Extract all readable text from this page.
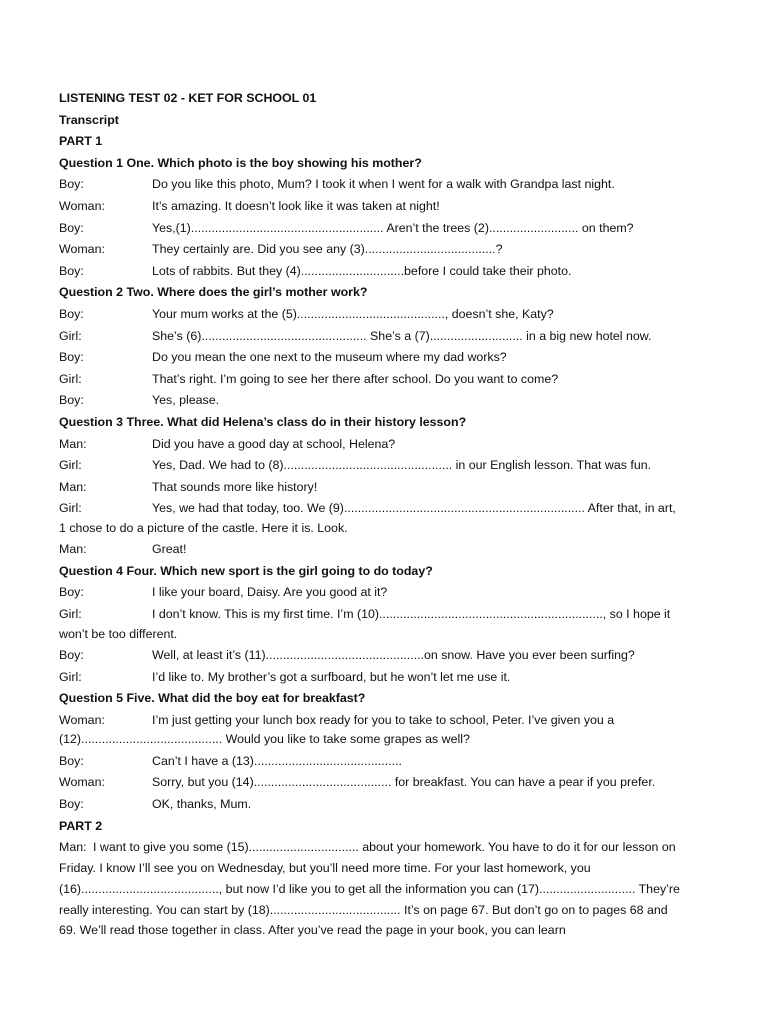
LISTENING TEST 02 - KET FOR SCHOOL 01
Transcript
PART 1
Question 1 One. Which photo is the boy showing his mother?
Boy:	Do you like this photo, Mum? I took it when I went for a walk with Grandpa last night.
Woman:	It’s amazing. It doesn’t look like it was taken at night!
Boy:	Yes,(1)........................................................ Aren’t the trees (2).......................... on them?
Woman:	They certainly are. Did you see any (3)......................................?
Boy:	Lots of rabbits. But they (4)..............................before I could take their photo.
Question 2 Two. Where does the girl’s mother work?
Boy:	Your mum works at the (5)..........................................., doesn’t she, Katy?
Girl:	She’s (6)................................................ She’s a (7)........................... in a big new hotel now.
Boy:	Do you mean the one next to the museum where my dad works?
Girl:	That’s right. I’m going to see her there after school. Do you want to come?
Boy:	Yes, please.
Question 3 Three. What did Helena’s class do in their history lesson?
Man:	Did you have a good day at school, Helena?
Girl:	Yes, Dad. We had to (8)................................................. in our English lesson. That was fun.
Man:	That sounds more like history!
Girl:	Yes, we had that today, too. We (9)...................................................................... After that, in art, 1 chose to do a picture of the castle. Here it is. Look.
Man:	Great!
Question 4 Four. Which new sport is the girl going to do today?
Boy:	I like your board, Daisy. Are you good at it?
Girl:	I don’t know. This is my first time. I’m (10)................................................................., so I hope it won’t be too different.
Boy:	Well, at least it’s (11)..............................................on snow. Have you ever been surfing?
Girl:	I’d like to. My brother’s got a surfboard, but he won’t let me use it.
Question 5 Five. What did the boy eat for breakfast?
Woman:	I’m just getting your lunch box ready for you to take to school, Peter. I’ve given you a (12)......................................... Would you like to take some grapes as well?
Boy:	Can’t I have a (13)...........................................
Woman:	Sorry, but you (14)........................................ for breakfast. You can have a pear if you prefer.
Boy:	OK, thanks, Mum.
PART 2
Man: I want to give you some (15)................................ about your homework. You have to do it for our lesson on Friday. I know I’ll see you on Wednesday, but you’ll need more time. For your last homework, you (16)........................................, but now I’d like you to get all the information you can (17)............................ They’re really interesting. You can start by (18)...................................... It’s on page 67. But don’t go on to pages 68 and 69. We’ll read those together in class. After you’ve read the page in your book, you can learn
